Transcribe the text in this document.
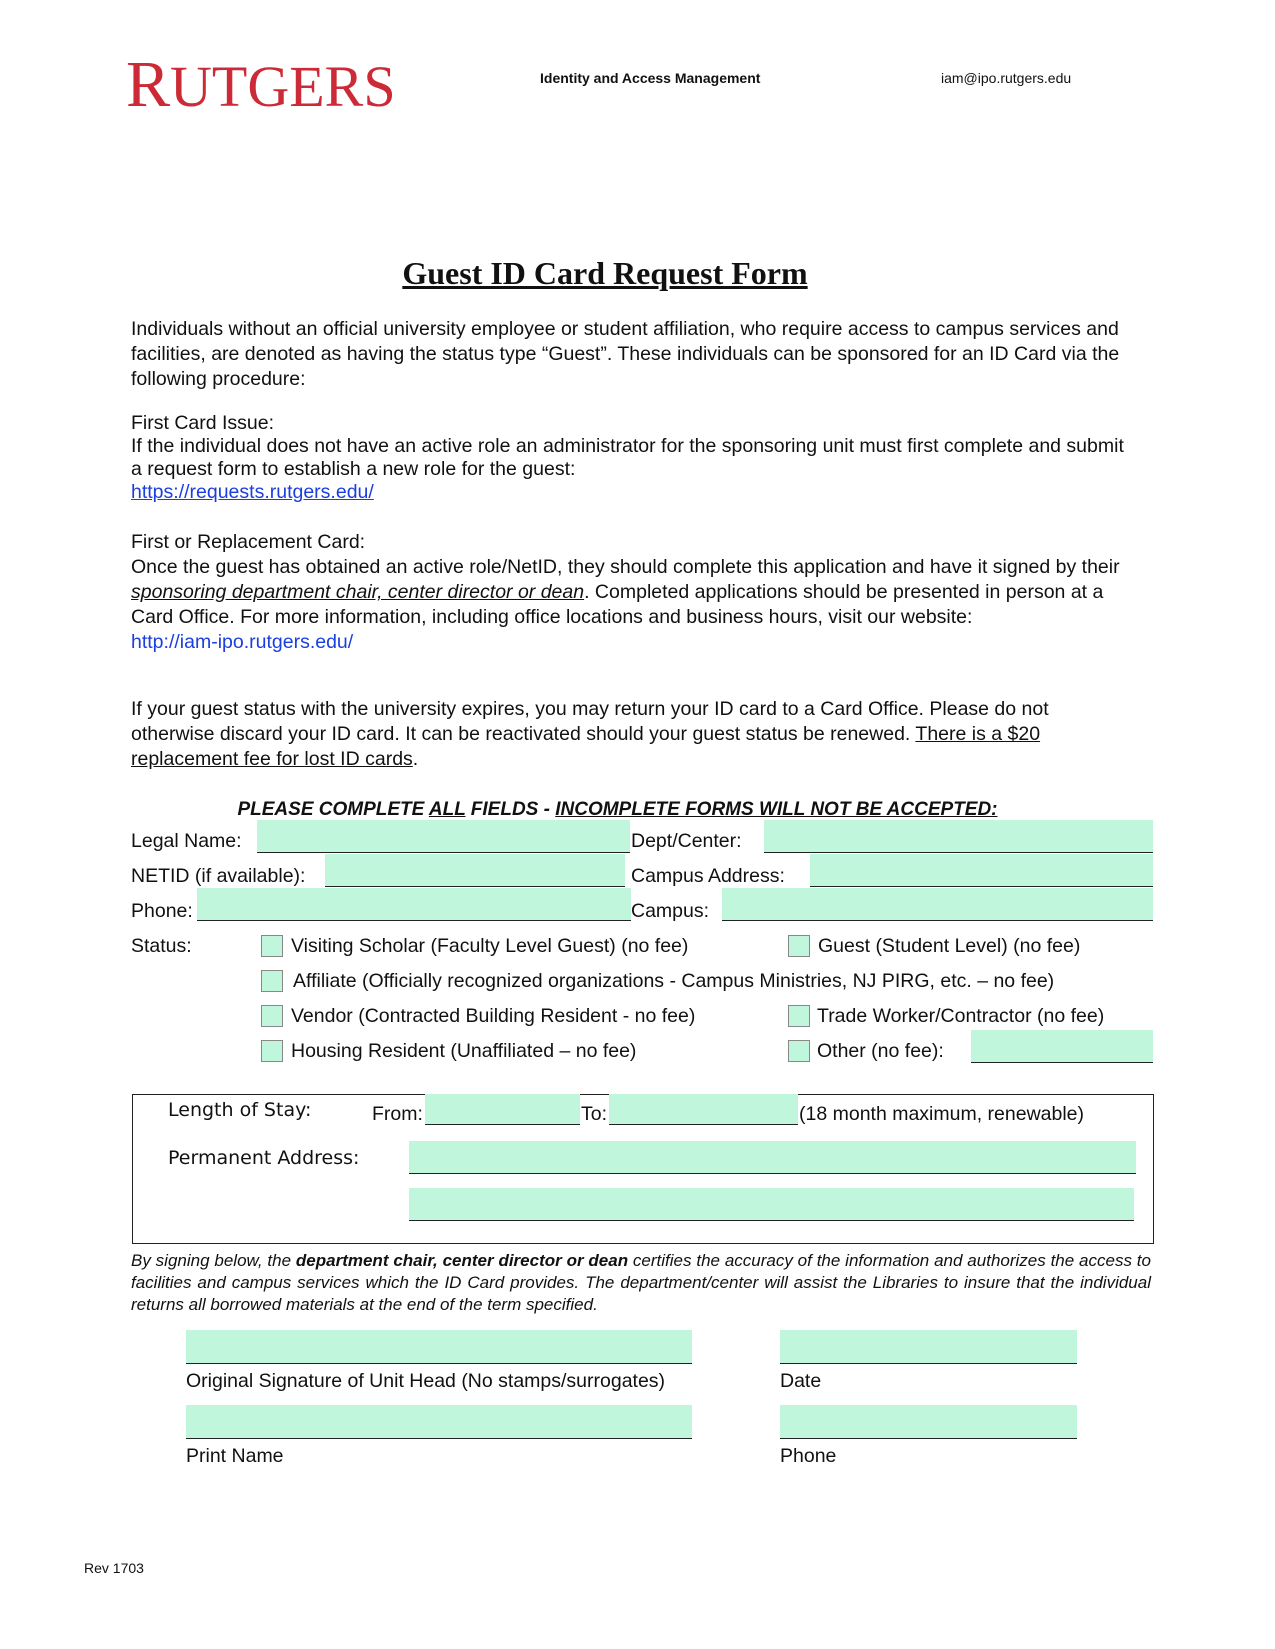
RUTGERS	Identity and Access Management	iam@ipo.rutgers.edu
Guest ID Card Request Form
Individuals without an official university employee or student affiliation, who require access to campus services and facilities, are denoted as having the status type “Guest”. These individuals can be sponsored for an ID Card via the following procedure:
First Card Issue:
If the individual does not have an active role an administrator for the sponsoring unit must first complete and submit a request form to establish a new role for the guest:
https://requests.rutgers.edu/
First or Replacement Card:
Once the guest has obtained an active role/NetID, they should complete this application and have it signed by their sponsoring department chair, center director or dean. Completed applications should be presented in person at a Card Office. For more information, including office locations and business hours, visit our website:
http://iam-ipo.rutgers.edu/
If your guest status with the university expires, you may return your ID card to a Card Office. Please do not otherwise discard your ID card. It can be reactivated should your guest status be renewed. There is a $20 replacement fee for lost ID cards.
PLEASE COMPLETE ALL FIELDS - INCOMPLETE FORMS WILL NOT BE ACCEPTED:
Legal Name:	Dept/Center:
NETID (if available):	Campus Address:
Phone:	Campus:
Status:	Visiting Scholar (Faculty Level Guest) (no fee)	Guest (Student Level) (no fee)
Affiliate (Officially recognized organizations - Campus Ministries, NJ PIRG, etc. – no fee)
Vendor (Contracted Building Resident - no fee)	Trade Worker/Contractor (no fee)
Housing Resident (Unaffiliated – no fee)	Other (no fee):
Length of Stay:	From:	To:	(18 month maximum, renewable)
Permanent Address:
By signing below, the department chair, center director or dean certifies the accuracy of the information and authorizes the access to facilities and campus services which the ID Card provides. The department/center will assist the Libraries to insure that the individual returns all borrowed materials at the end of the term specified.
Original Signature of Unit Head (No stamps/surrogates)	Date
Print Name	Phone
Rev 1703
